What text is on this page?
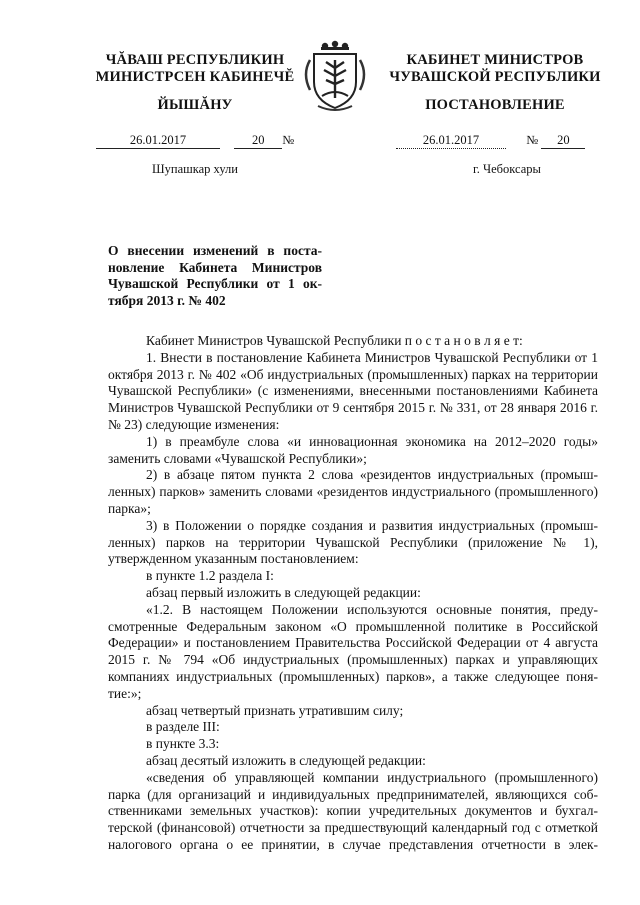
ЧĂВАШ РЕСПУБЛИКИН
МИНИСТРСЕН КАБИНЕЧĔ
ЙЫШĂНУ
КАБИНЕТ МИНИСТРОВ
ЧУВАШСКОЙ РЕСПУБЛИКИ
ПОСТАНОВЛЕНИЕ
26.01.2017	20 №	26.01.2017	№ 20
Шупашкар хули	г. Чебоксары
О внесении изменений в поста-
новление Кабинета Министров
Чувашской Республики от 1 ок-
тября 2013 г. № 402

Кабинет Министров Чувашской Республики п о с т а н о в л я е т:

1. Внести в постановление Кабинета Министров Чувашской Республики от 1 октября 2013 г. № 402 «Об индустриальных (промышленных) парках на территории Чувашской Республики» (с изменениями, внесенными постановлениями Кабинета Министров Чувашской Республики от 9 сентября 2015 г. № 331, от 28 января 2016 г. № 23) следующие изменения:

1) в преамбуле слова «и инновационная экономика на 2012–2020 годы» заменить словами «Чувашской Республики»;

2) в абзаце пятом пункта 2 слова «резидентов индустриальных (промышленных) парков» заменить словами «резидентов индустриального (промышленного) парка»;

3) в Положении о порядке создания и развития индустриальных (промышленных) парков на территории Чувашской Республики (приложение № 1), утвержденном указанным постановлением:

в пункте 1.2 раздела I:

абзац первый изложить в следующей редакции:

«1.2. В настоящем Положении используются основные понятия, предусмотренные Федеральным законом «О промышленной политике в Российской Федерации» и постановлением Правительства Российской Федерации от 4 августа 2015 г. № 794 «Об индустриальных (промышленных) парках и управляющих компаниях индустриальных (промышленных) парков», а также следующее понятие:»;

абзац четвертый признать утратившим силу;

в разделе III:

в пункте 3.3:

абзац десятый изложить в следующей редакции:

«сведения об управляющей компании индустриального (промышленного) парка (для организаций и индивидуальных предпринимателей, являющихся собственниками земельных участков): копии учредительных документов и бухгалтерской (финансовой) отчетности за предшествующий календарный год с отметкой налогового органа о ее принятии, в случае представления отчетности в элек-
